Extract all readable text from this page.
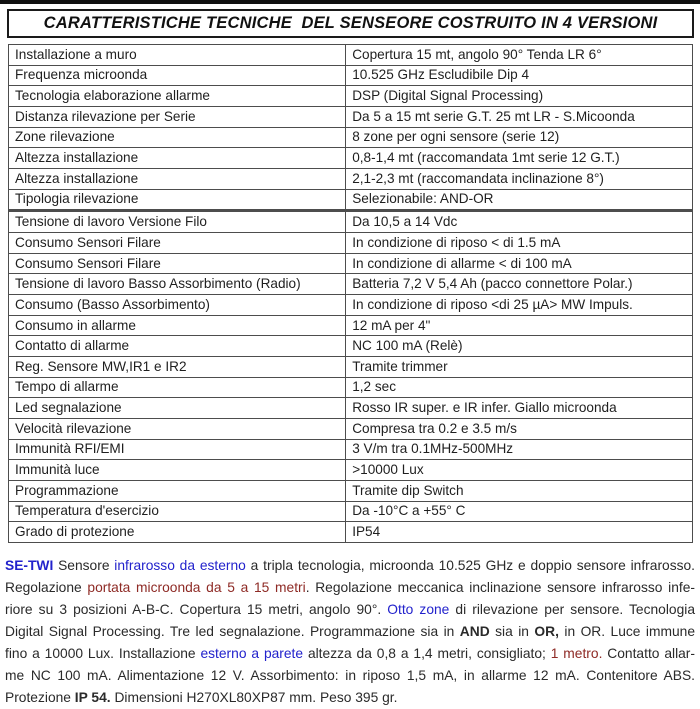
CARATTERISTICHE TECNICHE  DEL SENSEORE COSTRUITO IN 4 VERSIONI
Installazione a muro	Copertura 15 mt, angolo 90° Tenda LR 6°
Frequenza microonda	10.525 GHz Escludibile Dip 4
Tecnologia elaborazione allarme	DSP (Digital Signal Processing)
Distanza rilevazione per Serie	Da 5 a 15 mt serie G.T. 25 mt LR - S.Micoonda
Zone rilevazione	8 zone per ogni sensore (serie 12)
Altezza installazione	0,8-1,4 mt (raccomandata 1mt serie 12 G.T.)
Altezza installazione	2,1-2,3 mt (raccomandata inclinazione 8°)
Tipologia rilevazione	Selezionabile: AND-OR
Tensione di lavoro Versione Filo	Da 10,5 a 14 Vdc
Consumo Sensori Filare	In condizione di riposo < di 1.5 mA
Consumo Sensori Filare	In condizione di allarme < di 100 mA
Tensione di lavoro Basso Assorbimento (Radio)	Batteria 7,2 V 5,4 Ah (pacco connettore Polar.)
Consumo (Basso Assorbimento)	In condizione di riposo <di 25 µA> MW Impuls.
Consumo in allarme	12 mA per 4"
Contatto di allarme	NC 100 mA (Relè)
Reg. Sensore MW,IR1 e IR2	Tramite trimmer
Tempo di allarme	1,2 sec
Led segnalazione	Rosso IR super. e IR infer. Giallo microonda
Velocità rilevazione	Compresa tra 0.2 e 3.5 m/s
Immunità RFI/EMI	3 V/m tra 0.1MHz-500MHz
Immunità luce	>10000 Lux
Programmazione	Tramite dip Switch
Temperatura d'esercizio	Da -10°C a +55° C
Grado di protezione	IP54
SE-TWI Sensore infrarosso da esterno a tripla tecnologia, microonda 10.525 GHz e doppio sensore infrarosso.
Regolazione portata microonda da 5 a 15 metri. Regolazione meccanica inclinazione sensore infrarosso infe-
riore su 3 posizioni A-B-C. Copertura 15 metri, angolo 90°. Otto zone di rilevazione per sensore. Tecnologia
Digital Signal Processing. Tre led segnalazione. Programmazione sia in AND sia in OR, in OR. Luce immune
fino a 10000 Lux. Installazione esterno a parete altezza da 0,8 a 1,4 metri, consigliato; 1 metro. Contatto allar-
me NC 100 mA. Alimentazione 12 V. Assorbimento: in riposo 1,5 mA, in allarme 12 mA. Contenitore ABS.
Protezione IP 54. Dimensioni H270XL80XP87 mm. Peso 395 gr.
